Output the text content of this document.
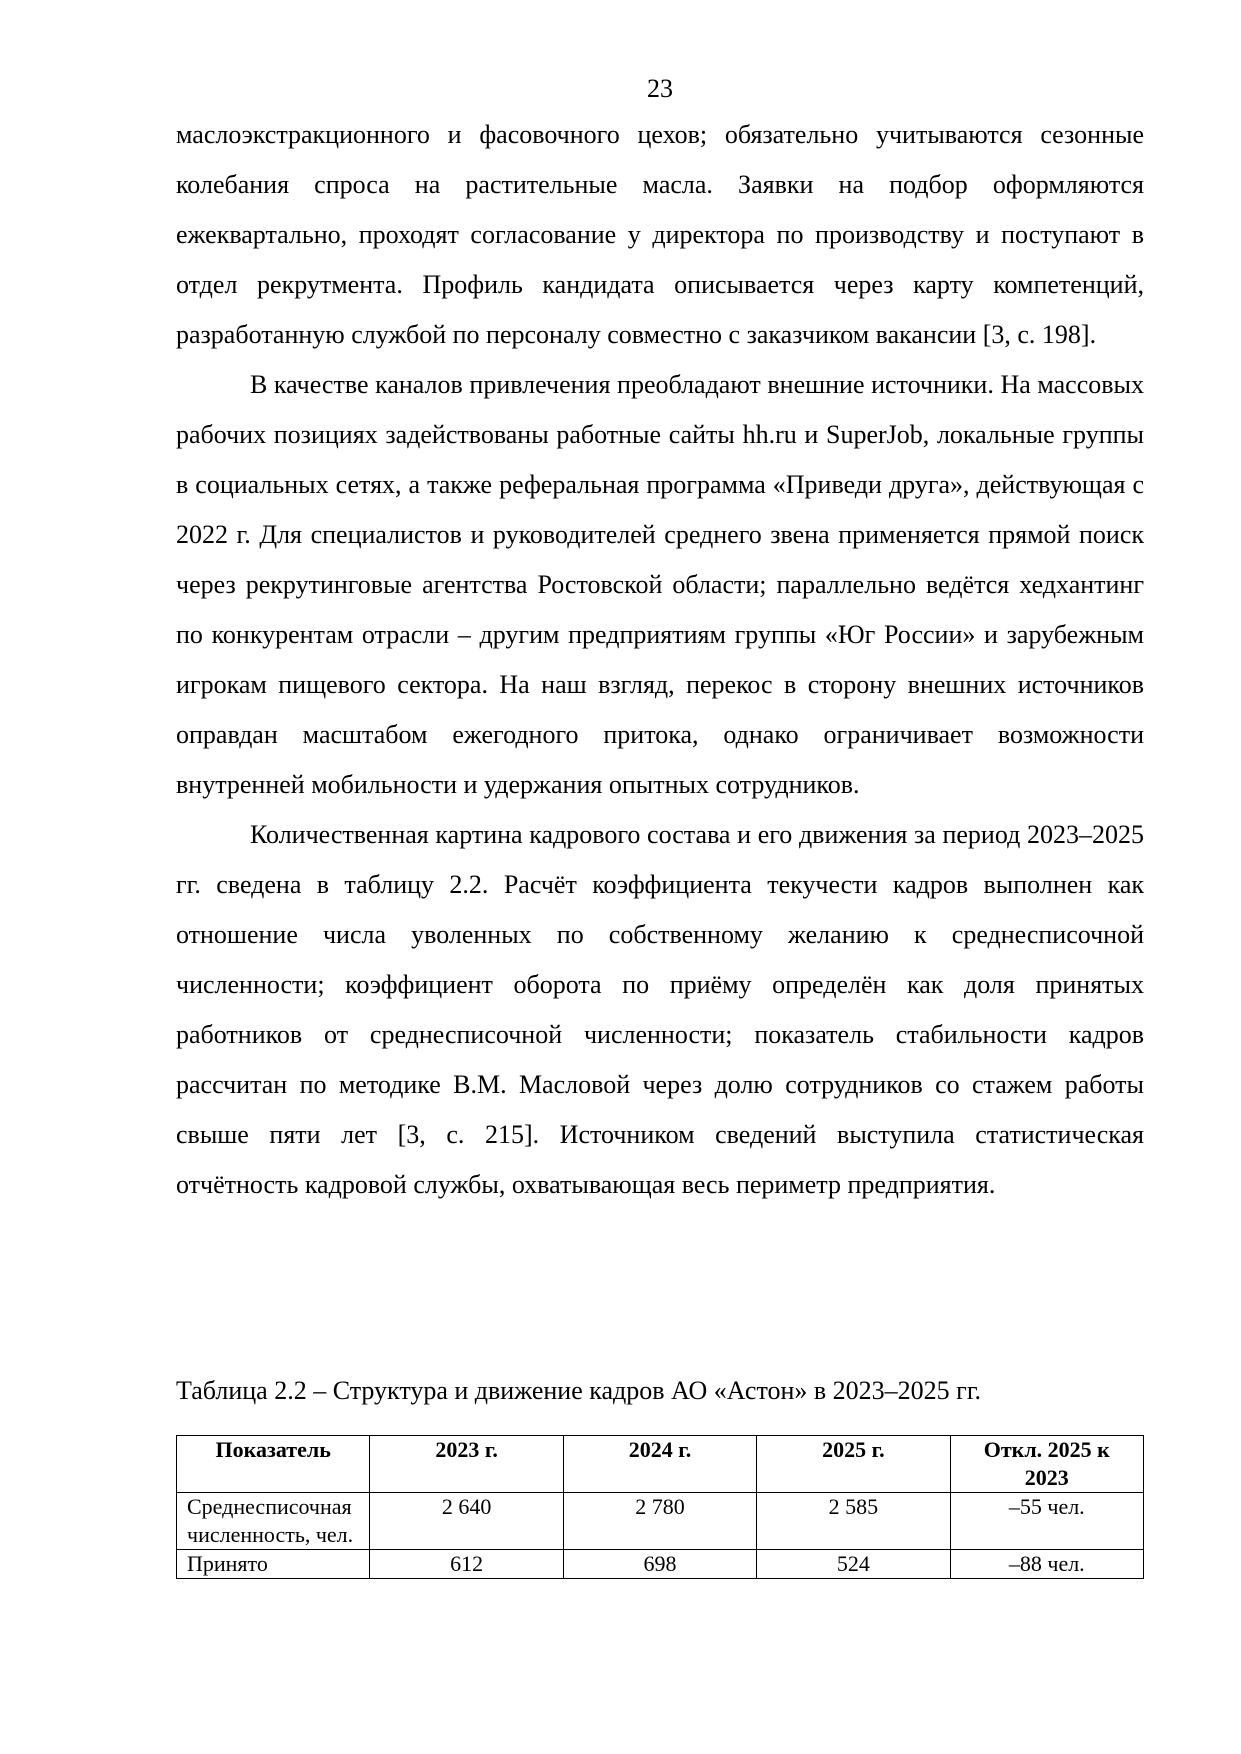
23

маслоэкстракционного и фасовочного цехов; обязательно учитываются сезонные колебания спроса на растительные масла. Заявки на подбор оформляются ежеквартально, проходят согласование у директора по производству и поступают в отдел рекрутмента. Профиль кандидата описывается через карту компетенций, разработанную службой по персоналу совместно с заказчиком вакансии [3, с. 198].

В качестве каналов привлечения преобладают внешние источники. На массовых рабочих позициях задействованы работные сайты hh.ru и SuperJob, локальные группы в социальных сетях, а также реферальная программа «Приведи друга», действующая с 2022 г. Для специалистов и руководителей среднего звена применяется прямой поиск через рекрутинговые агентства Ростовской области; параллельно ведётся хедхантинг по конкурентам отрасли – другим предприятиям группы «Юг России» и зарубежным игрокам пищевого сектора. На наш взгляд, перекос в сторону внешних источников оправдан масштабом ежегодного притока, однако ограничивает возможности внутренней мобильности и удержания опытных сотрудников.

Количественная картина кадрового состава и его движения за период 2023–2025 гг. сведена в таблицу 2.2. Расчёт коэффициента текучести кадров выполнен как отношение числа уволенных по собственному желанию к среднесписочной численности; коэффициент оборота по приёму определён как доля принятых работников от среднесписочной численности; показатель стабильности кадров рассчитан по методике В.М. Масловой через долю сотрудников со стажем работы свыше пяти лет [3, с. 215]. Источником сведений выступила статистическая отчётность кадровой службы, охватывающая весь периметр предприятия.

Таблица 2.2 – Структура и движение кадров АО «Астон» в 2023–2025 гг.
Показатель	2023 г.	2024 г.	2025 г.	Откл. 2025 к 2023
Среднесписочная численность, чел.	2 640	2 780	2 585	–55 чел.
Принято	612	698	524	–88 чел.
